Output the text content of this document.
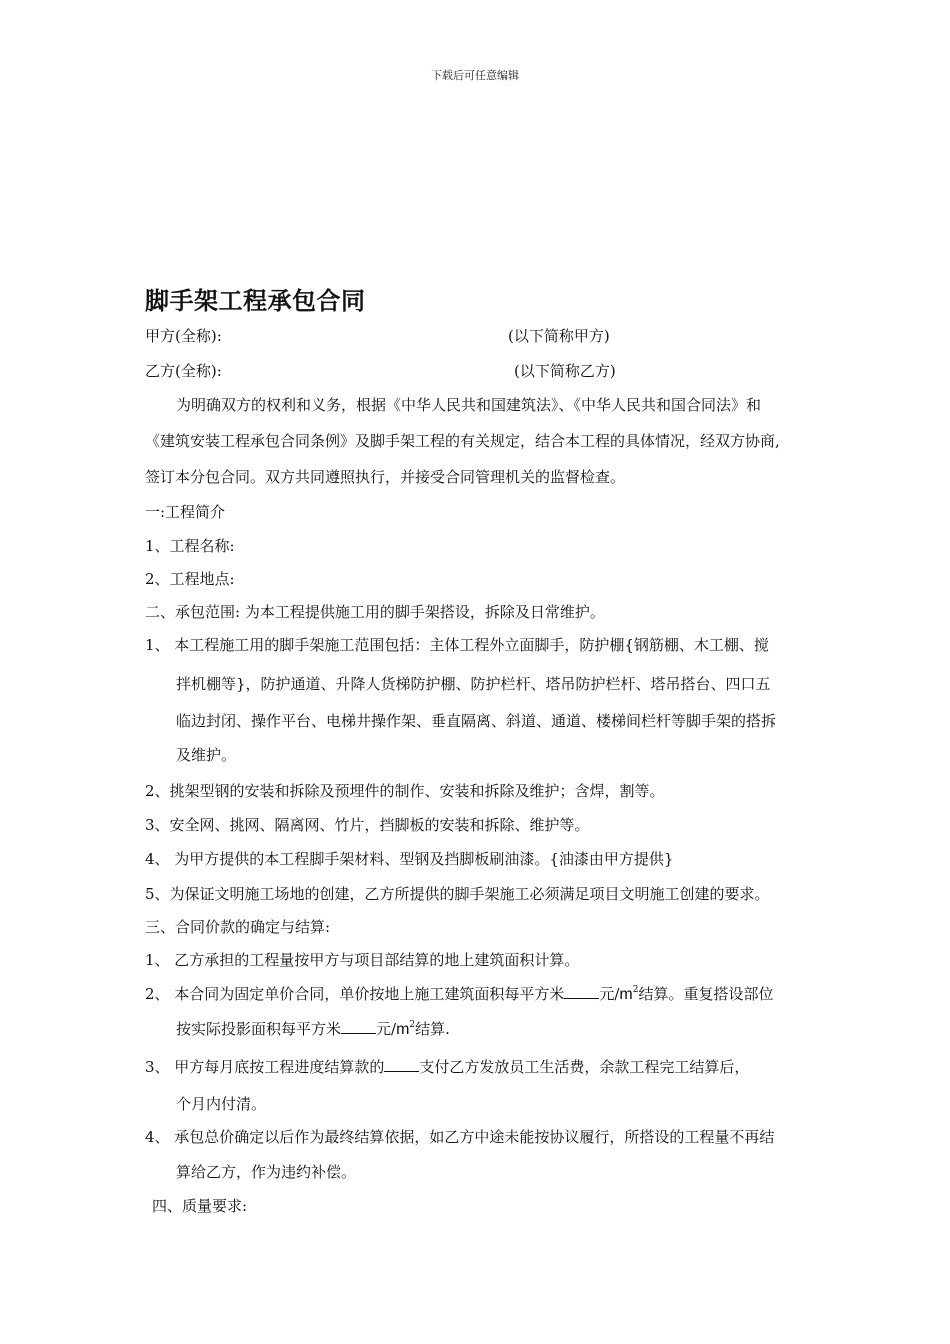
下载后可任意编辑
脚手架工程承包合同
甲方(全称):	(以下简称甲方)
乙方(全称):	(以下简称乙方)
为明确双方的权利和义务，根据《中华人民共和国建筑法》、《中华人民共和国合同法》和
《建筑安装工程承包合同条例》及脚手架工程的有关规定，结合本工程的具体情况，经双方协商,
签订本分包合同。双方共同遵照执行，并接受合同管理机关的监督检查。
一:工程简介
1、工程名称:
2、工程地点:
二、承包范围: 为本工程提供施工用的脚手架搭设，拆除及日常维护。
1、 本工程施工用的脚手架施工范围包括：主体工程外立面脚手，防护棚{钢筋棚、木工棚、搅
拌机棚等}，防护通道、升降人货梯防护棚、防护栏杆、塔吊防护栏杆、塔吊搭台、四口五
临边封闭、操作平台、电梯井操作架、垂直隔离、斜道、通道、楼梯间栏杆等脚手架的搭拆
及维护。
2、挑架型钢的安装和拆除及预埋件的制作、安装和拆除及维护；含焊，割等。
3、安全网、挑网、隔离网、竹片，挡脚板的安装和拆除、维护等。
4、 为甲方提供的本工程脚手架材料、型钢及挡脚板刷油漆。{油漆由甲方提供}
5、为保证文明施工场地的创建，乙方所提供的脚手架施工必须满足项目文明施工创建的要求。
三、合同价款的确定与结算:
1、 乙方承担的工程量按甲方与项目部结算的地上建筑面积计算。
2、 本合同为固定单价合同，单价按地上施工建筑面积每平方米 元$/m^2$结算。重复搭设部位
按实际投影面积每平方米 元$/m^2$结算.
3、 甲方每月底按工程进度结算款的 支付乙方发放员工生活费，余款工程完工结算后，
个月内付清。
4、 承包总价确定以后作为最终结算依据，如乙方中途未能按协议履行，所搭设的工程量不再结
算给乙方，作为违约补偿。
四、质量要求:
